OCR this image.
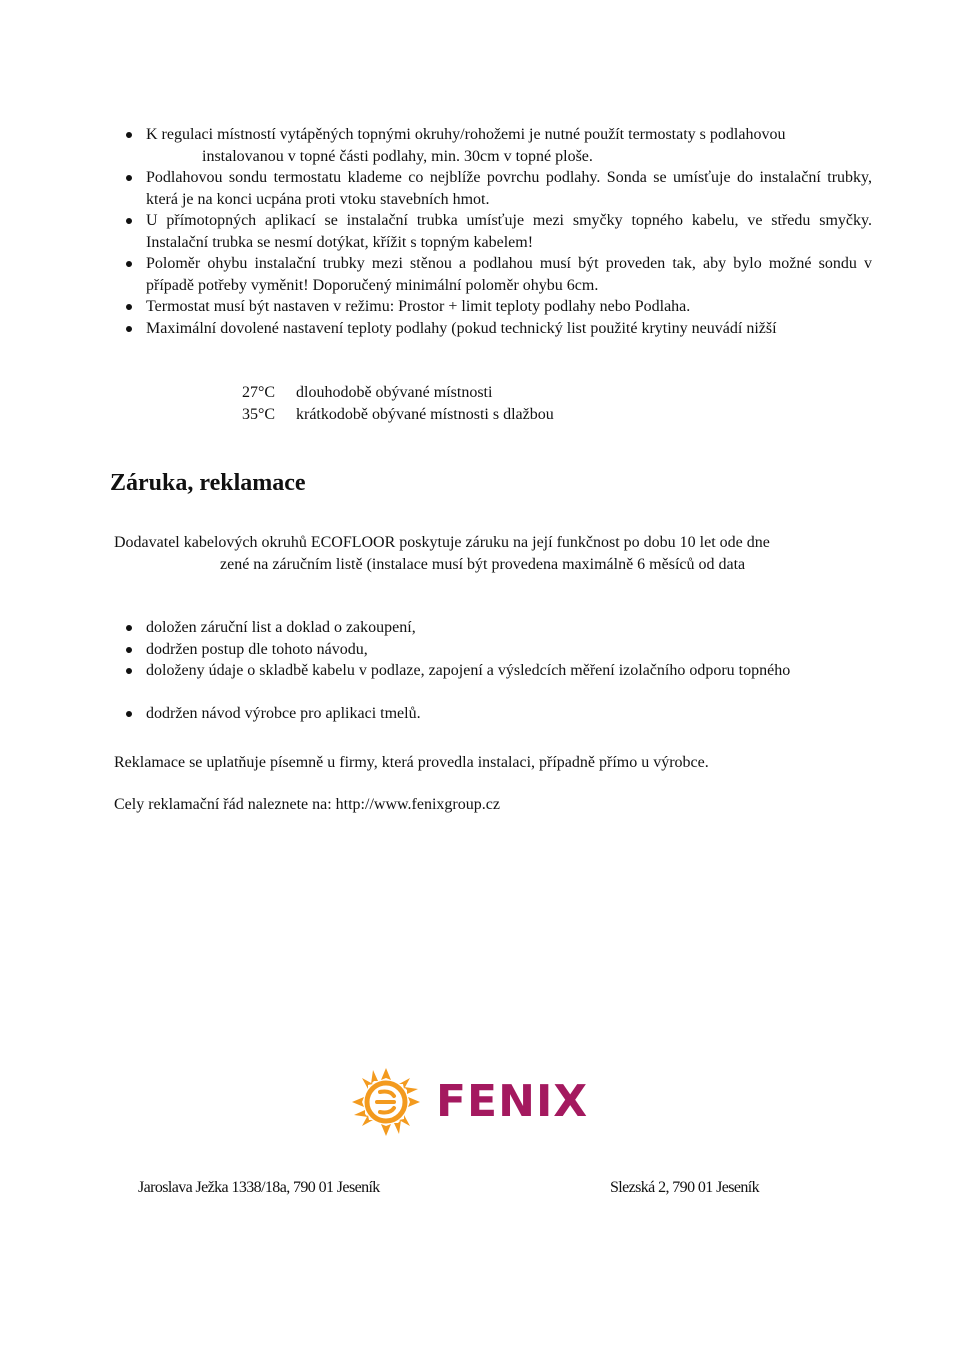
K regulaci místností vytápěných topnými okruhy/rohožemi je nutné použít termostaty s podlahovou
instalovanou v topné části podlahy, min. 30cm v topné ploše.
Podlahovou sondu termostatu klademe co nejblíže povrchu podlahy. Sonda se umísťuje do instalační trubky, která je na konci ucpána proti vtoku stavebních hmot.
U přímotopných aplikací se instalační trubka umísťuje mezi smyčky topného kabelu, ve středu smyčky. Instalační trubka se nesmí dotýkat, křížit s topným kabelem!
Poloměr ohybu instalační trubky mezi stěnou a podlahou musí být proveden tak, aby bylo možné sondu v případě potřeby vyměnit! Doporučený minimální poloměr ohybu 6cm.
Termostat musí být nastaven v režimu: Prostor + limit teploty podlahy nebo Podlaha.
Maximální dovolené nastavení teploty podlahy (pokud technický list použité krytiny neuvádí nižší
27°C	dlouhodobě obývané místnosti
35°C	krátkodobě obývané místnosti s dlažbou
Záruka, reklamace

Dodavatel kabelových okruhů ECOFLOOR poskytuje záruku na její funkčnost po dobu 10 let ode dne
zené na záručním listě (instalace musí být provedena maximálně 6 měsíců od data

doložen záruční list a doklad o zakoupení,
dodržen postup dle tohoto návodu,
doloženy údaje o skladbě kabelu v podlaze, zapojení a výsledcích měření izolačního odporu topného
dodržen návod výrobce pro aplikaci tmelů.

Reklamace se uplatňuje písemně u firmy, která provedla instalaci, případně přímo u výrobce.

Cely reklamační řád naleznete na: http://www.fenixgroup.cz

FENIX
Jaroslava Ježka 1338/18a, 790 01 Jeseník	Slezská 2, 790 01 Jeseník
